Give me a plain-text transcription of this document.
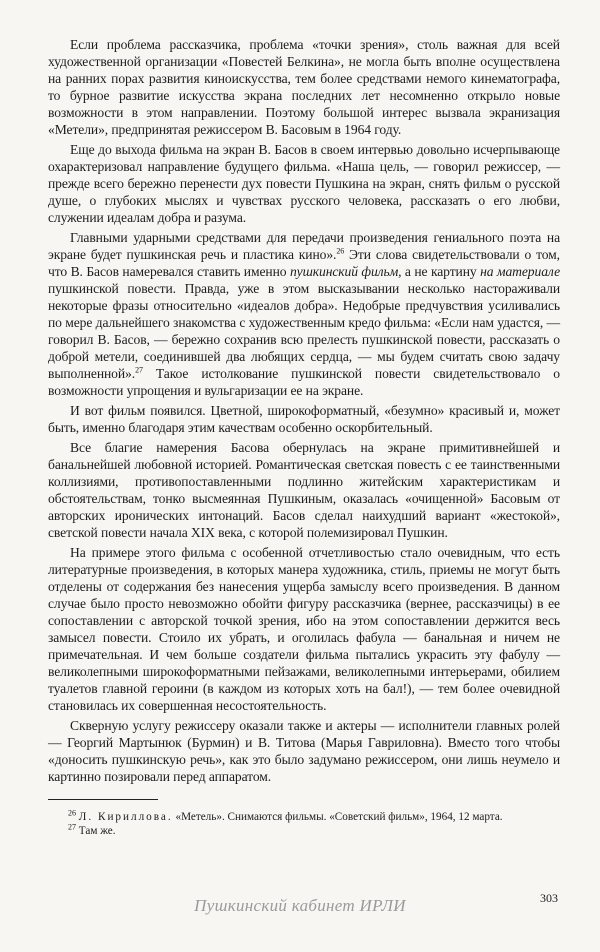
Если проблема рассказчика, проблема «точки зрения», столь важная для всей художественной организации «Повестей Белкина», не могла быть вполне осуществлена на ранних порах развития киноискусства, тем более средствами немого кинематографа, то бурное развитие искусства экрана последних лет несомненно открыло новые возможности в этом направлении. Поэтому большой интерес вызвала экранизация «Метели», предпринятая режиссером В. Басовым в 1964 году.

Еще до выхода фильма на экран В. Басов в своем интервью довольно исчерпывающе охарактеризовал направление будущего фильма. «Наша цель, — говорил режиссер, — прежде всего бережно перенести дух повести Пушкина на экран, снять фильм о русской душе, о глубоких мыслях и чувствах русского человека, рассказать о его любви, служении идеалам добра и разума.

Главными ударными средствами для передачи произведения гениального поэта на экране будет пушкинская речь и пластика кино».$^{26}$ Эти слова свидетельствовали о том, что В. Басов намеревался ставить именно пушкинский фильм, а не картину на материале пушкинской повести. Правда, уже в этом высказывании несколько настораживали некоторые фразы относительно «идеалов добра». Недобрые предчувствия усиливались по мере дальнейшего знакомства с художественным кредо фильма: «Если нам удастся, — говорил В. Басов, — бережно сохранив всю прелесть пушкинской повести, рассказать о доброй метели, соединившей два любящих сердца, — мы будем считать свою задачу выполненной».$^{27}$ Такое истолкование пушкинской повести свидетельствовало о возможности упрощения и вульгаризации ее на экране.

И вот фильм появился. Цветной, широкоформатный, «безумно» красивый и, может быть, именно благодаря этим качествам особенно оскорбительный.

Все благие намерения Басова обернулась на экране примитивнейшей и банальнейшей любовной историей. Романтическая светская повесть с ее таинственными коллизиями, противопоставленными подлинно житейским характеристикам и обстоятельствам, тонко высмеянная Пушкиным, оказалась «очищенной» Басовым от авторских иронических интонаций. Басов сделал наихудший вариант «жестокой», светской повести начала XIX века, с которой полемизировал Пушкин.

На примере этого фильма с особенной отчетливостью стало очевидным, что есть литературные произведения, в которых манера художника, стиль, приемы не могут быть отделены от содержания без нанесения ущерба замыслу всего произведения. В данном случае было просто невозможно обойти фигуру рассказчика (вернее, рассказчицы) в ее сопоставлении с авторской точкой зрения, ибо на этом сопоставлении держится весь замысел повести. Стоило их убрать, и оголилась фабула — банальная и ничем не примечательная. И чем больше создатели фильма пытались украсить эту фабулу — великолепными широкоформатными пейзажами, великолепными интерьерами, обилием туалетов главной героини (в каждом из которых хоть на бал!), — тем более очевидной становилась их совершенная несостоятельность.

Скверную услугу режиссеру оказали также и актеры — исполнители главных ролей — Георгий Мартынюк (Бурмин) и В. Титова (Марья Гавриловна). Вместо того чтобы «доносить пушкинскую речь», как это было задумано режиссером, они лишь неумело и картинно позировали перед аппаратом.

$^{26}$ Л. Кириллова. «Метель». Снимаются фильмы. «Советский фильм», 1964, 12 марта.

$^{27}$ Там же.

303
Пушкинский кабинет ИРЛИ
